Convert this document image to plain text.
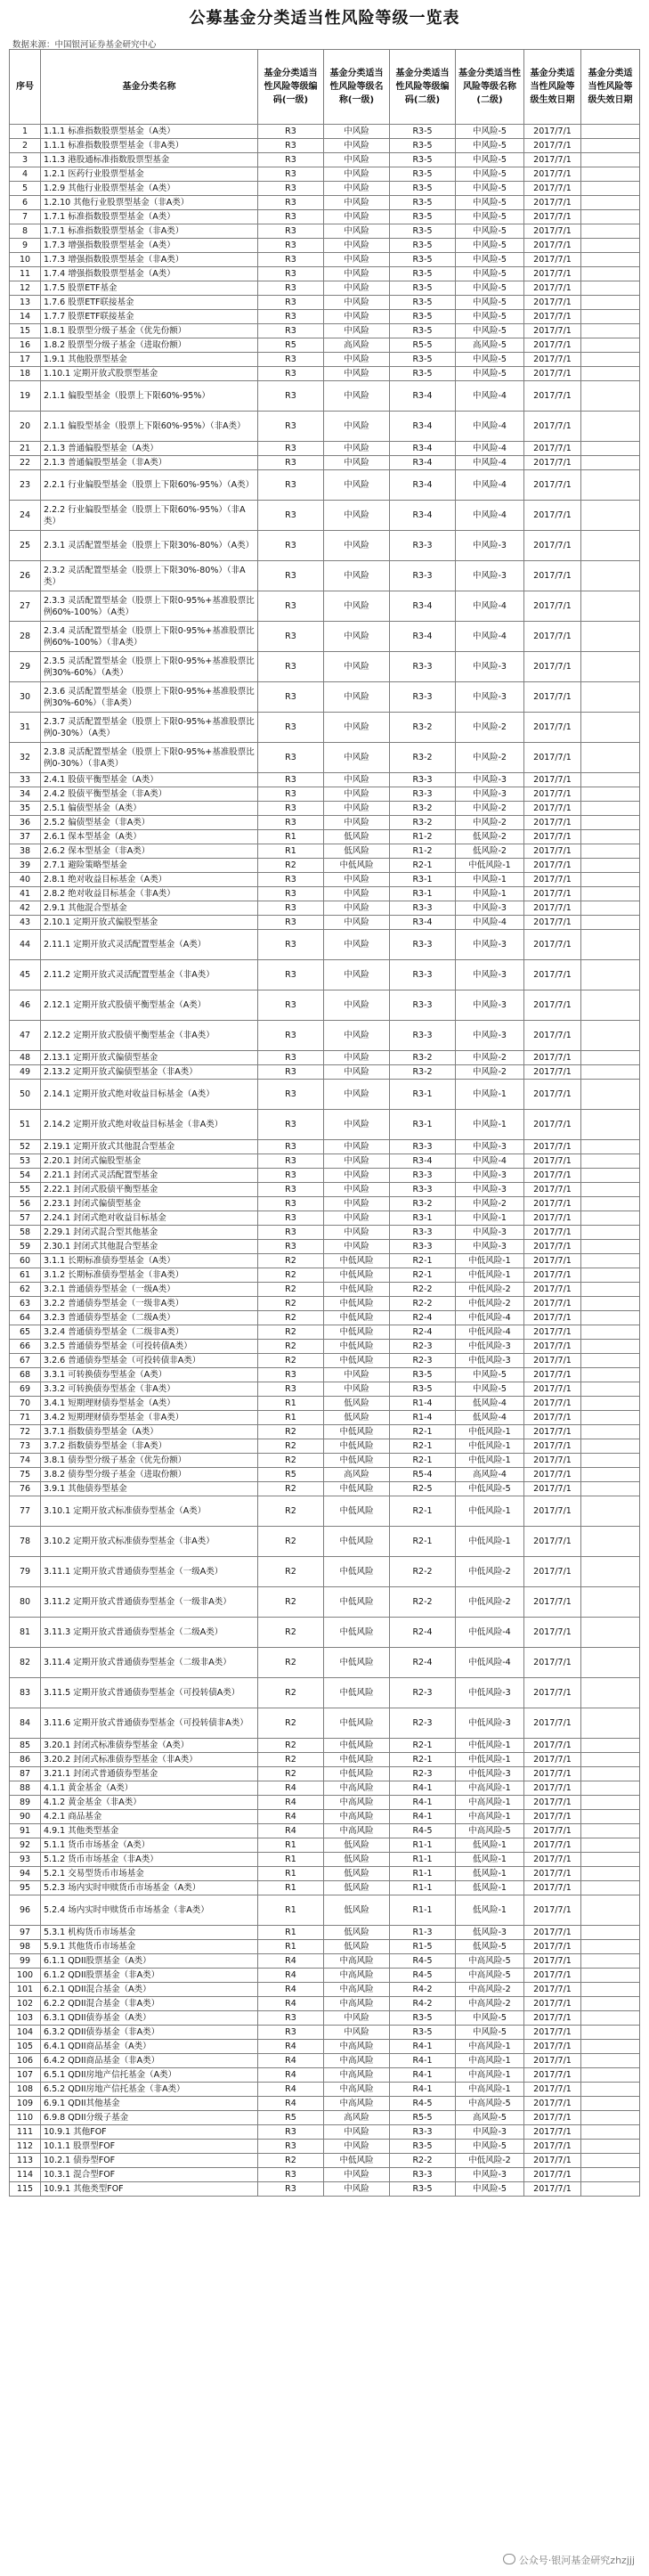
公募基金分类适当性风险等级一览表
数据来源：中国银河证券基金研究中心
序号	基金分类名称	基金分类适当性风险等级编码(一级)	基金分类适当性风险等级名称(一级)	基金分类适当性风险等级编码(二级)	基金分类适当性风险等级名称(二级)	基金分类适当性风险等级生效日期	基金分类适当性风险等级失效日期
1	1.1.1 标准指数股票型基金（A类）	R3	中风险	R3-5	中风险-5	2017/7/1	
2	1.1.1 标准指数股票型基金（非A类）	R3	中风险	R3-5	中风险-5	2017/7/1	
3	1.1.3 港股通标准指数股票型基金	R3	中风险	R3-5	中风险-5	2017/7/1	
4	1.2.1 医药行业股票型基金	R3	中风险	R3-5	中风险-5	2017/7/1	
5	1.2.9 其他行业股票型基金（A类）	R3	中风险	R3-5	中风险-5	2017/7/1	
6	1.2.10 其他行业股票型基金（非A类）	R3	中风险	R3-5	中风险-5	2017/7/1	
7	1.7.1 标准指数股票型基金（A类）	R3	中风险	R3-5	中风险-5	2017/7/1	
8	1.7.1 标准指数股票型基金（非A类）	R3	中风险	R3-5	中风险-5	2017/7/1	
9	1.7.3 增强指数股票型基金（A类）	R3	中风险	R3-5	中风险-5	2017/7/1	
10	1.7.3 增强指数股票型基金（非A类）	R3	中风险	R3-5	中风险-5	2017/7/1	
11	1.7.4 增强指数股票型基金（A类）	R3	中风险	R3-5	中风险-5	2017/7/1	
12	1.7.5 股票ETF基金	R3	中风险	R3-5	中风险-5	2017/7/1	
13	1.7.6 股票ETF联接基金	R3	中风险	R3-5	中风险-5	2017/7/1	
14	1.7.7 股票ETF联接基金	R3	中风险	R3-5	中风险-5	2017/7/1	
15	1.8.1 股票型分级子基金（优先份额）	R3	中风险	R3-5	中风险-5	2017/7/1	
16	1.8.2 股票型分级子基金（进取份额）	R5	高风险	R5-5	高风险-5	2017/7/1	
17	1.9.1 其他股票型基金	R3	中风险	R3-5	中风险-5	2017/7/1	
18	1.10.1 定期开放式股票型基金	R3	中风险	R3-5	中风险-5	2017/7/1	
19	2.1.1 偏股型基金（股票上下限60%-95%）	R3	中风险	R3-4	中风险-4	2017/7/1	
20	2.1.1 偏股型基金（股票上下限60%-95%）（非A类）	R3	中风险	R3-4	中风险-4	2017/7/1	
21	2.1.3 普通偏股型基金（A类）	R3	中风险	R3-4	中风险-4	2017/7/1	
22	2.1.3 普通偏股型基金（非A类）	R3	中风险	R3-4	中风险-4	2017/7/1	
23	2.2.1 行业偏股型基金（股票上下限60%-95%）（A类）	R3	中风险	R3-4	中风险-4	2017/7/1	
24	2.2.2 行业偏股型基金（股票上下限60%-95%）（非A类）	R3	中风险	R3-4	中风险-4	2017/7/1	
25	2.3.1 灵活配置型基金（股票上下限30%-80%）（A类）	R3	中风险	R3-3	中风险-3	2017/7/1	
26	2.3.2 灵活配置型基金（股票上下限30%-80%）（非A类）	R3	中风险	R3-3	中风险-3	2017/7/1	
27	2.3.3 灵活配置型基金（股票上下限0-95%+基准股票比例60%-100%）（A类）	R3	中风险	R3-4	中风险-4	2017/7/1	
28	2.3.4 灵活配置型基金（股票上下限0-95%+基准股票比例60%-100%）（非A类）	R3	中风险	R3-4	中风险-4	2017/7/1	
29	2.3.5 灵活配置型基金（股票上下限0-95%+基准股票比例30%-60%）（A类）	R3	中风险	R3-3	中风险-3	2017/7/1	
30	2.3.6 灵活配置型基金（股票上下限0-95%+基准股票比例30%-60%）（非A类）	R3	中风险	R3-3	中风险-3	2017/7/1	
31	2.3.7 灵活配置型基金（股票上下限0-95%+基准股票比例0-30%）（A类）	R3	中风险	R3-2	中风险-2	2017/7/1	
32	2.3.8 灵活配置型基金（股票上下限0-95%+基准股票比例0-30%）（非A类）	R3	中风险	R3-2	中风险-2	2017/7/1	
33	2.4.1 股债平衡型基金（A类）	R3	中风险	R3-3	中风险-3	2017/7/1	
34	2.4.2 股债平衡型基金（非A类）	R3	中风险	R3-3	中风险-3	2017/7/1	
35	2.5.1 偏债型基金（A类）	R3	中风险	R3-2	中风险-2	2017/7/1	
36	2.5.2 偏债型基金（非A类）	R3	中风险	R3-2	中风险-2	2017/7/1	
37	2.6.1 保本型基金（A类）	R1	低风险	R1-2	低风险-2	2017/7/1	
38	2.6.2 保本型基金（非A类）	R1	低风险	R1-2	低风险-2	2017/7/1	
39	2.7.1 避险策略型基金	R2	中低风险	R2-1	中低风险-1	2017/7/1	
40	2.8.1 绝对收益目标基金（A类）	R3	中风险	R3-1	中风险-1	2017/7/1	
41	2.8.2 绝对收益目标基金（非A类）	R3	中风险	R3-1	中风险-1	2017/7/1	
42	2.9.1 其他混合型基金	R3	中风险	R3-3	中风险-3	2017/7/1	
43	2.10.1 定期开放式偏股型基金	R3	中风险	R3-4	中风险-4	2017/7/1	
44	2.11.1 定期开放式灵活配置型基金（A类）	R3	中风险	R3-3	中风险-3	2017/7/1	
45	2.11.2 定期开放式灵活配置型基金（非A类）	R3	中风险	R3-3	中风险-3	2017/7/1	
46	2.12.1 定期开放式股债平衡型基金（A类）	R3	中风险	R3-3	中风险-3	2017/7/1	
47	2.12.2 定期开放式股债平衡型基金（非A类）	R3	中风险	R3-3	中风险-3	2017/7/1	
48	2.13.1 定期开放式偏债型基金	R3	中风险	R3-2	中风险-2	2017/7/1	
49	2.13.2 定期开放式偏债型基金（非A类）	R3	中风险	R3-2	中风险-2	2017/7/1	
50	2.14.1 定期开放式绝对收益目标基金（A类）	R3	中风险	R3-1	中风险-1	2017/7/1	
51	2.14.2 定期开放式绝对收益目标基金（非A类）	R3	中风险	R3-1	中风险-1	2017/7/1	
52	2.19.1 定期开放式其他混合型基金	R3	中风险	R3-3	中风险-3	2017/7/1	
53	2.20.1 封闭式偏股型基金	R3	中风险	R3-4	中风险-4	2017/7/1	
54	2.21.1 封闭式灵活配置型基金	R3	中风险	R3-3	中风险-3	2017/7/1	
55	2.22.1 封闭式股债平衡型基金	R3	中风险	R3-3	中风险-3	2017/7/1	
56	2.23.1 封闭式偏债型基金	R3	中风险	R3-2	中风险-2	2017/7/1	
57	2.24.1 封闭式绝对收益目标基金	R3	中风险	R3-1	中风险-1	2017/7/1	
58	2.29.1 封闭式混合型其他基金	R3	中风险	R3-3	中风险-3	2017/7/1	
59	2.30.1 封闭式其他混合型基金	R3	中风险	R3-3	中风险-3	2017/7/1	
60	3.1.1 长期标准债券型基金（A类）	R2	中低风险	R2-1	中低风险-1	2017/7/1	
61	3.1.2 长期标准债券型基金（非A类）	R2	中低风险	R2-1	中低风险-1	2017/7/1	
62	3.2.1 普通债券型基金（一级A类）	R2	中低风险	R2-2	中低风险-2	2017/7/1	
63	3.2.2 普通债券型基金（一级非A类）	R2	中低风险	R2-2	中低风险-2	2017/7/1	
64	3.2.3 普通债券型基金（二级A类）	R2	中低风险	R2-4	中低风险-4	2017/7/1	
65	3.2.4 普通债券型基金（二级非A类）	R2	中低风险	R2-4	中低风险-4	2017/7/1	
66	3.2.5 普通债券型基金（可投转债A类）	R2	中低风险	R2-3	中低风险-3	2017/7/1	
67	3.2.6 普通债券型基金（可投转债非A类）	R2	中低风险	R2-3	中低风险-3	2017/7/1	
68	3.3.1 可转换债券型基金（A类）	R3	中风险	R3-5	中风险-5	2017/7/1	
69	3.3.2 可转换债券型基金（非A类）	R3	中风险	R3-5	中风险-5	2017/7/1	
70	3.4.1 短期理财债券型基金（A类）	R1	低风险	R1-4	低风险-4	2017/7/1	
71	3.4.2 短期理财债券型基金（非A类）	R1	低风险	R1-4	低风险-4	2017/7/1	
72	3.7.1 指数债券型基金（A类）	R2	中低风险	R2-1	中低风险-1	2017/7/1	
73	3.7.2 指数债券型基金（非A类）	R2	中低风险	R2-1	中低风险-1	2017/7/1	
74	3.8.1 债券型分级子基金（优先份额）	R2	中低风险	R2-1	中低风险-1	2017/7/1	
75	3.8.2 债券型分级子基金（进取份额）	R5	高风险	R5-4	高风险-4	2017/7/1	
76	3.9.1 其他债券型基金	R2	中低风险	R2-5	中低风险-5	2017/7/1	
77	3.10.1 定期开放式标准债券型基金（A类）	R2	中低风险	R2-1	中低风险-1	2017/7/1	
78	3.10.2 定期开放式标准债券型基金（非A类）	R2	中低风险	R2-1	中低风险-1	2017/7/1	
79	3.11.1 定期开放式普通债券型基金（一级A类）	R2	中低风险	R2-2	中低风险-2	2017/7/1	
80	3.11.2 定期开放式普通债券型基金（一级非A类）	R2	中低风险	R2-2	中低风险-2	2017/7/1	
81	3.11.3 定期开放式普通债券型基金（二级A类）	R2	中低风险	R2-4	中低风险-4	2017/7/1	
82	3.11.4 定期开放式普通债券型基金（二级非A类）	R2	中低风险	R2-4	中低风险-4	2017/7/1	
83	3.11.5 定期开放式普通债券型基金（可投转债A类）	R2	中低风险	R2-3	中低风险-3	2017/7/1	
84	3.11.6 定期开放式普通债券型基金（可投转债非A类）	R2	中低风险	R2-3	中低风险-3	2017/7/1	
85	3.20.1 封闭式标准债券型基金（A类）	R2	中低风险	R2-1	中低风险-1	2017/7/1	
86	3.20.2 封闭式标准债券型基金（非A类）	R2	中低风险	R2-1	中低风险-1	2017/7/1	
87	3.21.1 封闭式普通债券型基金	R2	中低风险	R2-3	中低风险-3	2017/7/1	
88	4.1.1 黄金基金（A类）	R4	中高风险	R4-1	中高风险-1	2017/7/1	
89	4.1.2 黄金基金（非A类）	R4	中高风险	R4-1	中高风险-1	2017/7/1	
90	4.2.1 商品基金	R4	中高风险	R4-1	中高风险-1	2017/7/1	
91	4.9.1 其他类型基金	R4	中高风险	R4-5	中高风险-5	2017/7/1	
92	5.1.1 货币市场基金（A类）	R1	低风险	R1-1	低风险-1	2017/7/1	
93	5.1.2 货币市场基金（非A类）	R1	低风险	R1-1	低风险-1	2017/7/1	
94	5.2.1 交易型货币市场基金	R1	低风险	R1-1	低风险-1	2017/7/1	
95	5.2.3 场内实时申赎货币市场基金（A类）	R1	低风险	R1-1	低风险-1	2017/7/1	
96	5.2.4 场内实时申赎货币市场基金（非A类）	R1	低风险	R1-1	低风险-1	2017/7/1	
97	5.3.1 机构货币市场基金	R1	低风险	R1-3	低风险-3	2017/7/1	
98	5.9.1 其他货币市场基金	R1	低风险	R1-5	低风险-5	2017/7/1	
99	6.1.1 QDII股票基金（A类）	R4	中高风险	R4-5	中高风险-5	2017/7/1	
100	6.1.2 QDII股票基金（非A类）	R4	中高风险	R4-5	中高风险-5	2017/7/1	
101	6.2.1 QDII混合基金（A类）	R4	中高风险	R4-2	中高风险-2	2017/7/1	
102	6.2.2 QDII混合基金（非A类）	R4	中高风险	R4-2	中高风险-2	2017/7/1	
103	6.3.1 QDII债券基金（A类）	R3	中风险	R3-5	中风险-5	2017/7/1	
104	6.3.2 QDII债券基金（非A类）	R3	中风险	R3-5	中风险-5	2017/7/1	
105	6.4.1 QDII商品基金（A类）	R4	中高风险	R4-1	中高风险-1	2017/7/1	
106	6.4.2 QDII商品基金（非A类）	R4	中高风险	R4-1	中高风险-1	2017/7/1	
107	6.5.1 QDII房地产信托基金（A类）	R4	中高风险	R4-1	中高风险-1	2017/7/1	
108	6.5.2 QDII房地产信托基金（非A类）	R4	中高风险	R4-1	中高风险-1	2017/7/1	
109	6.9.1 QDII其他基金	R4	中高风险	R4-5	中高风险-5	2017/7/1	
110	6.9.8 QDII分级子基金	R5	高风险	R5-5	高风险-5	2017/7/1	
111	10.9.1 其他FOF	R3	中风险	R3-3	中风险-3	2017/7/1	
112	10.1.1 股票型FOF	R3	中风险	R3-5	中风险-5	2017/7/1	
113	10.2.1 债券型FOF	R2	中低风险	R2-2	中低风险-2	2017/7/1	
114	10.3.1 混合型FOF	R3	中风险	R3-3	中风险-3	2017/7/1	
115	10.9.1 其他类型FOF	R3	中风险	R3-5	中风险-5	2017/7/1	
公众号·银河基金研究zhzjjj
